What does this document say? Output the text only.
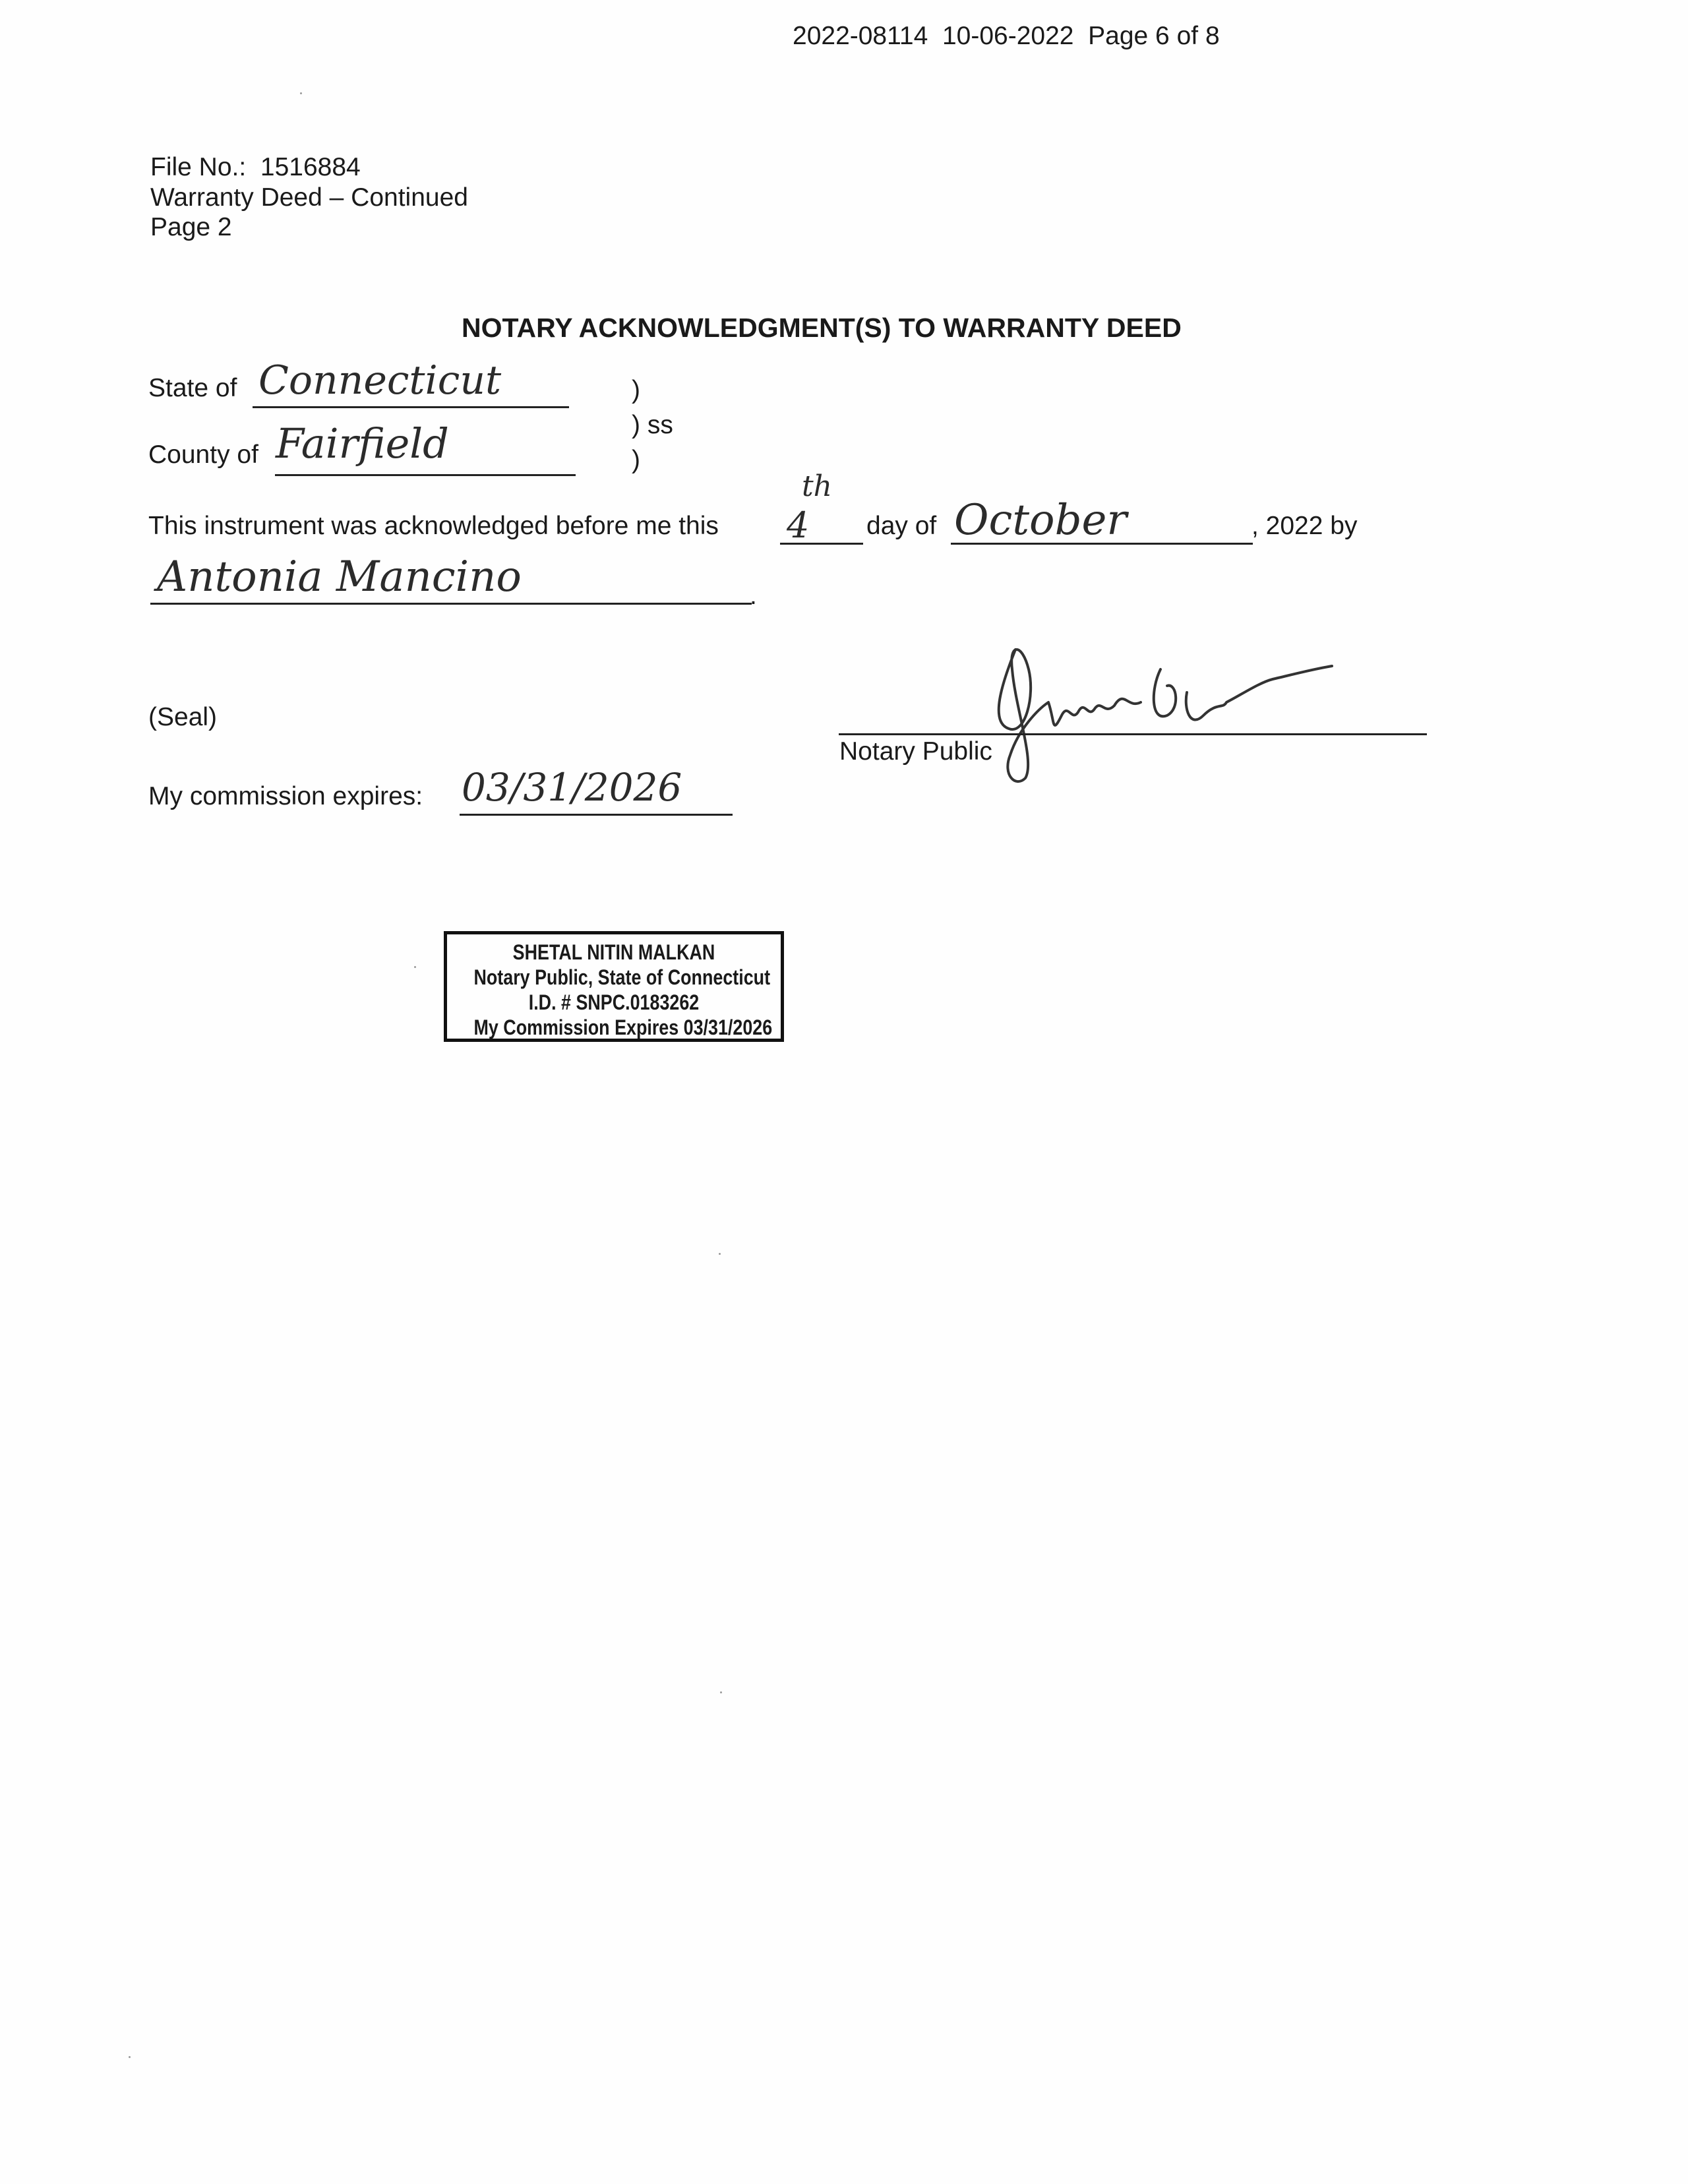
2022-08114  10-06-2022  Page 6 of 8
File No.:  1516884
Warranty Deed – Continued
Page 2
NOTARY ACKNOWLEDGMENT(S) TO WARRANTY DEED
State of Connecticut	)
) ss
County of Fairfield	)
This instrument was acknowledged before me this 4
th
day of October	, 2022 by
Antonia Mancino	.
(Seal)
Notary Public
My commission expires: 03/31/2026
SHETAL NITIN MALKAN
Notary Public, State of Connecticut
I.D. # SNPC.0183262
My Commission Expires 03/31/2026
